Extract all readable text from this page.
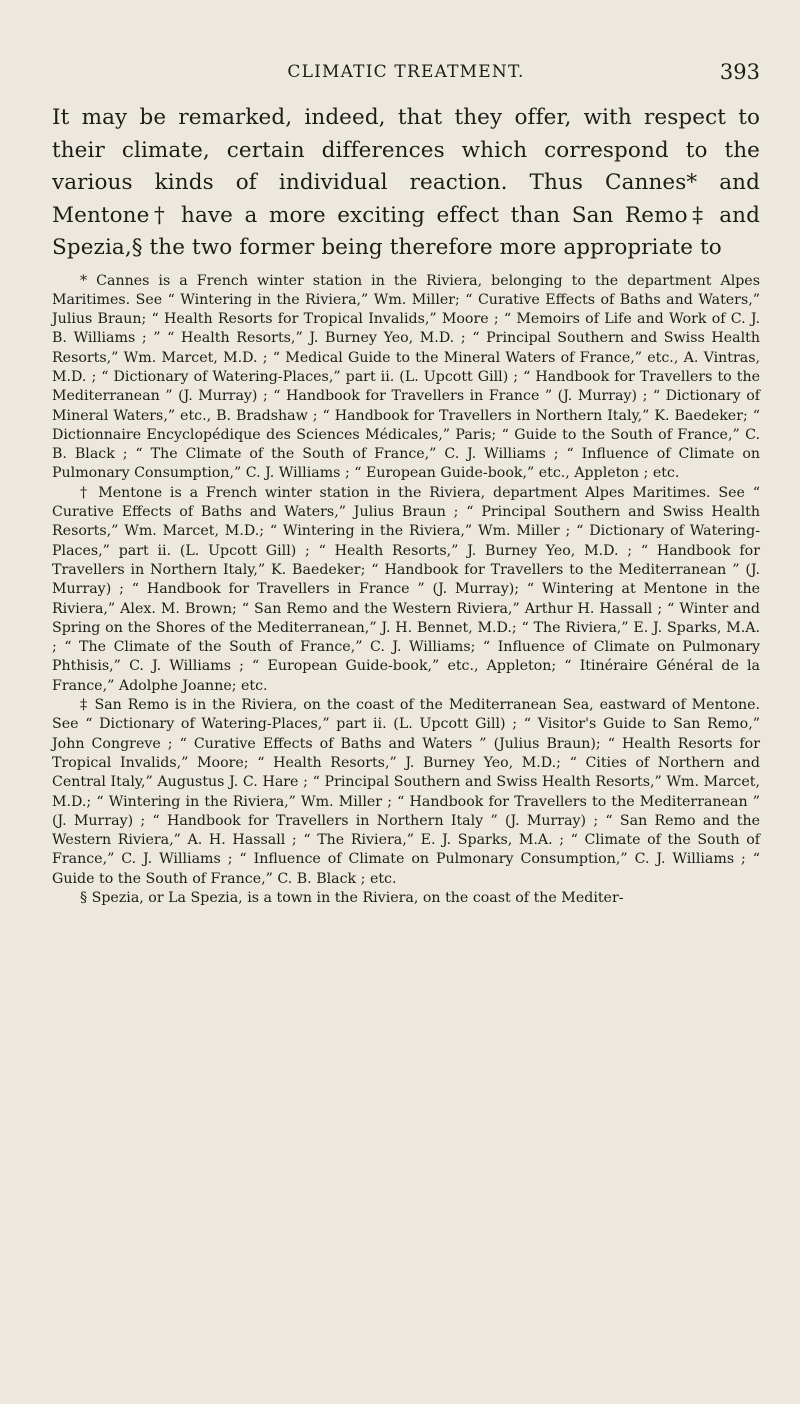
CLIMATIC TREATMENT.	393

It may be remarked, indeed, that they offer, with respect to their climate, certain differences which correspond to the various kinds of individual reaction. Thus Cannes* and Mentone† have a more exciting effect than San Remo‡ and Spezia,§ the two former being therefore more appropriate to

* Cannes is a French winter station in the Riviera, belonging to the department Alpes Maritimes. See “ Wintering in the Riviera,” Wm. Miller; “ Curative Effects of Baths and Waters,” Julius Braun; “ Health Resorts for Tropical Invalids,” Moore ; “ Memoirs of Life and Work of C. J. B. Williams ; ” “ Health Resorts,” J. Burney Yeo, M.D. ; “ Principal Southern and Swiss Health Resorts,” Wm. Marcet, M.D. ; “ Medical Guide to the Mineral Waters of France,” etc., A. Vintras, M.D. ; “ Dictionary of Watering-Places,” part ii. (L. Upcott Gill) ; “ Handbook for Travellers to the Mediterranean ” (J. Murray) ; “ Handbook for Travellers in France ” (J. Murray) ; “ Dictionary of Mineral Waters,” etc., B. Bradshaw ; “ Handbook for Travellers in Northern Italy,” K. Baedeker; “ Dictionnaire Encyclopédique des Sciences Médicales,” Paris; “ Guide to the South of France,” C. B. Black ; “ The Climate of the South of France,” C. J. Williams ; “ Influence of Climate on Pulmonary Consumption,” C. J. Williams ; “ European Guide-book,” etc., Appleton ; etc.

† Mentone is a French winter station in the Riviera, department Alpes Maritimes. See “ Curative Effects of Baths and Waters,” Julius Braun ; “ Principal Southern and Swiss Health Resorts,” Wm. Marcet, M.D.; “ Wintering in the Riviera,” Wm. Miller ; “ Dictionary of Watering-Places,” part ii. (L. Upcott Gill) ; “ Health Resorts,” J. Burney Yeo, M.D. ; “ Handbook for Travellers in Northern Italy,” K. Baedeker; “ Handbook for Travellers to the Mediterranean ” (J. Murray) ; “ Handbook for Travellers in France ” (J. Murray); “ Wintering at Mentone in the Riviera,” Alex. M. Brown; “ San Remo and the Western Riviera,” Arthur H. Hassall ; “ Winter and Spring on the Shores of the Mediterranean,” J. H. Bennet, M.D.; “ The Riviera,” E. J. Sparks, M.A. ; “ The Climate of the South of France,” C. J. Williams; “ Influence of Climate on Pulmonary Phthisis,” C. J. Williams ; “ European Guide-book,” etc., Appleton; “ Itinéraire Général de la France,” Adolphe Joanne; etc.

‡ San Remo is in the Riviera, on the coast of the Mediterranean Sea, eastward of Mentone. See “ Dictionary of Watering-Places,” part ii. (L. Upcott Gill) ; “ Visitor's Guide to San Remo,” John Congreve ; “ Curative Effects of Baths and Waters ” (Julius Braun); “ Health Resorts for Tropical Invalids,” Moore; “ Health Resorts,” J. Burney Yeo, M.D.; “ Cities of Northern and Central Italy,” Augustus J. C. Hare ; “ Principal Southern and Swiss Health Resorts,” Wm. Marcet, M.D.; “ Wintering in the Riviera,” Wm. Miller ; “ Handbook for Travellers to the Mediterranean ” (J. Murray) ; “ Handbook for Travellers in Northern Italy ” (J. Murray) ; “ San Remo and the Western Riviera,” A. H. Hassall ; “ The Riviera,” E. J. Sparks, M.A. ; “ Climate of the South of France,” C. J. Williams ; “ Influence of Climate on Pulmonary Consumption,” C. J. Williams ; “ Guide to the South of France,” C. B. Black ; etc.

§ Spezia, or La Spezia, is a town in the Riviera, on the coast of the Mediter-
